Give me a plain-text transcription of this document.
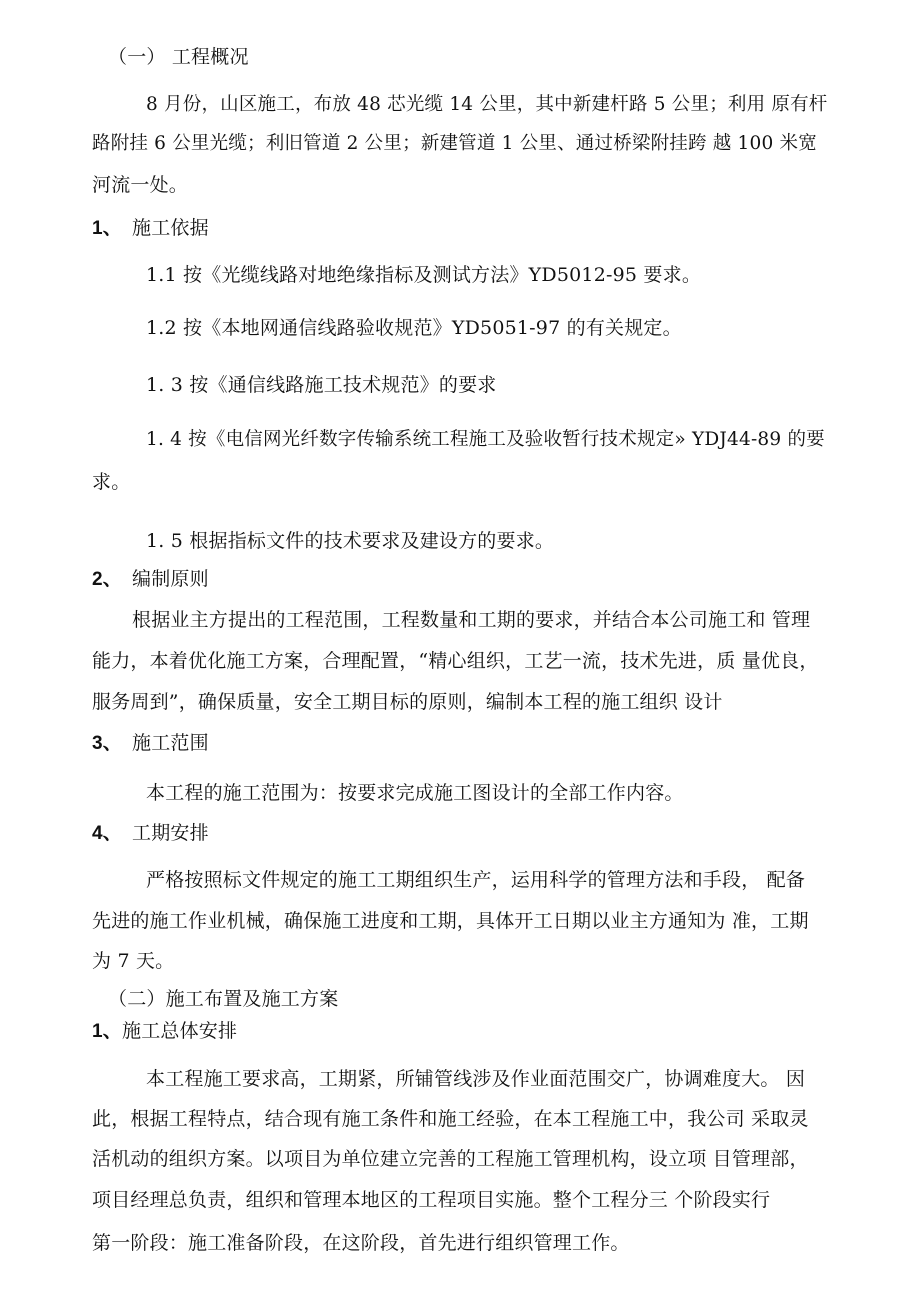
（一） 工程概况
8 月份，山区施工，布放 48 芯光缆 14 公里，其中新建杆路 5 公里；利用 原有杆
路附挂 6 公里光缆；利旧管道 2 公里；新建管道 1 公里、通过桥梁附挂跨 越 100 米宽
河流一处。
1、 施工依据
1.1 按《光缆线路对地绝缘指标及测试方法》YD5012-95 要求。
1.2 按《本地网通信线路验收规范》YD5051-97 的有关规定。
1. 3 按《通信线路施工技术规范》的要求
1. 4 按《电信网光纤数字传输系统工程施工及验收暂行技术规定» YDJ44-89 的要
求。
1. 5 根据指标文件的技术要求及建设方的要求。
2、 编制原则
根据业主方提出的工程范围，工程数量和工期的要求，并结合本公司施工和 管理
能力，本着优化施工方案，合理配置，“精心组织，工艺一流，技术先进，质 量优良，
服务周到”，确保质量，安全工期目标的原则，编制本工程的施工组织 设计
3、 施工范围
本工程的施工范围为：按要求完成施工图设计的全部工作内容。
4、 工期安排
严格按照标文件规定的施工工期组织生产，运用科学的管理方法和手段， 配备
先进的施工作业机械，确保施工进度和工期，具体开工日期以业主方通知为 准，工期
为 7 天。
（二）施工布置及施工方案
1、施工总体安排
本工程施工要求高，工期紧，所铺管线涉及作业面范围交广，协调难度大。 因
此，根据工程特点，结合现有施工条件和施工经验，在本工程施工中，我公司 采取灵
活机动的组织方案。以项目为单位建立完善的工程施工管理机构，设立项 目管理部，
项目经理总负责，组织和管理本地区的工程项目实施。整个工程分三 个阶段实行
第一阶段：施工准备阶段，在这阶段，首先进行组织管理工作。
